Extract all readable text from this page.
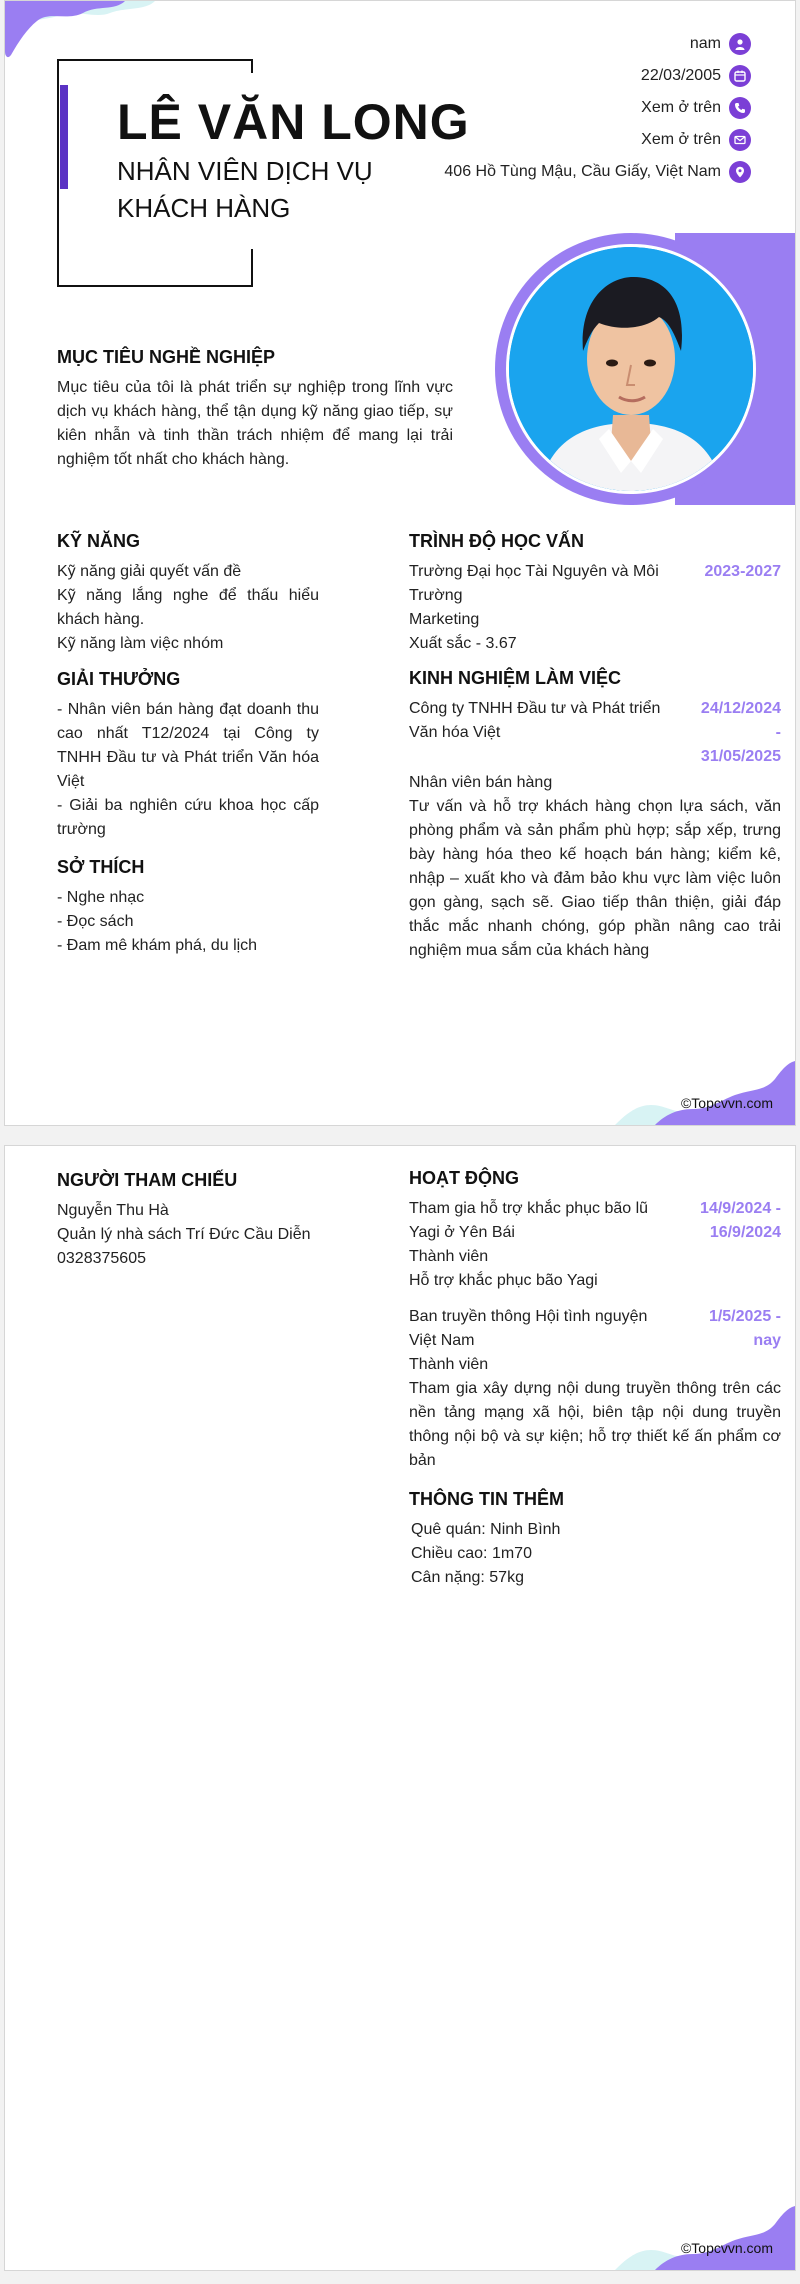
LÊ VĂN LONG
NHÂN VIÊN DỊCH VỤ KHÁCH HÀNG
nam
22/03/2005
Xem ở trên
Xem ở trên
406 Hồ Tùng Mậu, Cầu Giấy, Việt Nam
MỤC TIÊU NGHỀ NGHIỆP
Mục tiêu của tôi là phát triển sự nghiệp trong lĩnh vực dịch vụ khách hàng, thể tận dụng kỹ năng giao tiếp, sự kiên nhẫn và tinh thần trách nhiệm để mang lại trải nghiệm tốt nhất cho khách hàng.
KỸ NĂNG
Kỹ năng giải quyết vấn đề
Kỹ năng lắng nghe để thấu hiểu khách hàng.
Kỹ năng làm việc nhóm
GIẢI THƯỞNG
- Nhân viên bán hàng đạt doanh thu cao nhất T12/2024 tại Công ty TNHH Đầu tư và Phát triển Văn hóa Việt
- Giải ba nghiên cứu khoa học cấp trường
SỞ THÍCH
- Nghe nhạc
- Đọc sách
- Đam mê khám phá, du lịch
TRÌNH ĐỘ HỌC VẤN
Trường Đại học Tài Nguyên và Môi Trường
2023-2027
Marketing
Xuất sắc - 3.67
KINH NGHIỆM LÀM VIỆC
Công ty TNHH Đầu tư và Phát triển Văn hóa Việt
24/12/2024
-
31/05/2025
Nhân viên bán hàng
Tư vấn và hỗ trợ khách hàng chọn lựa sách, văn phòng phẩm và sản phẩm phù hợp; sắp xếp, trưng bày hàng hóa theo kế hoạch bán hàng; kiểm kê, nhập – xuất kho và đảm bảo khu vực làm việc luôn gọn gàng, sạch sẽ. Giao tiếp thân thiện, giải đáp thắc mắc nhanh chóng, góp phần nâng cao trải nghiệm mua sắm của khách hàng
©Topcvvn.com
NGƯỜI THAM CHIẾU
Nguyễn Thu Hà
Quản lý nhà sách Trí Đức Cầu Diễn
0328375605
HOẠT ĐỘNG
Tham gia hỗ trợ khắc phục bão lũ Yagi ở Yên Bái
14/9/2024 -
16/9/2024
Thành viên
Hỗ trợ khắc phục bão Yagi
Ban truyền thông Hội tình nguyện Việt Nam
1/5/2025 -
nay
Thành viên
Tham gia xây dựng nội dung truyền thông trên các nền tảng mạng xã hội, biên tập nội dung truyền thông nội bộ và sự kiện; hỗ trợ thiết kế ấn phẩm cơ bản
THÔNG TIN THÊM
Quê quán: Ninh Bình
Chiều cao: 1m70
Cân nặng: 57kg
©Topcvvn.com
